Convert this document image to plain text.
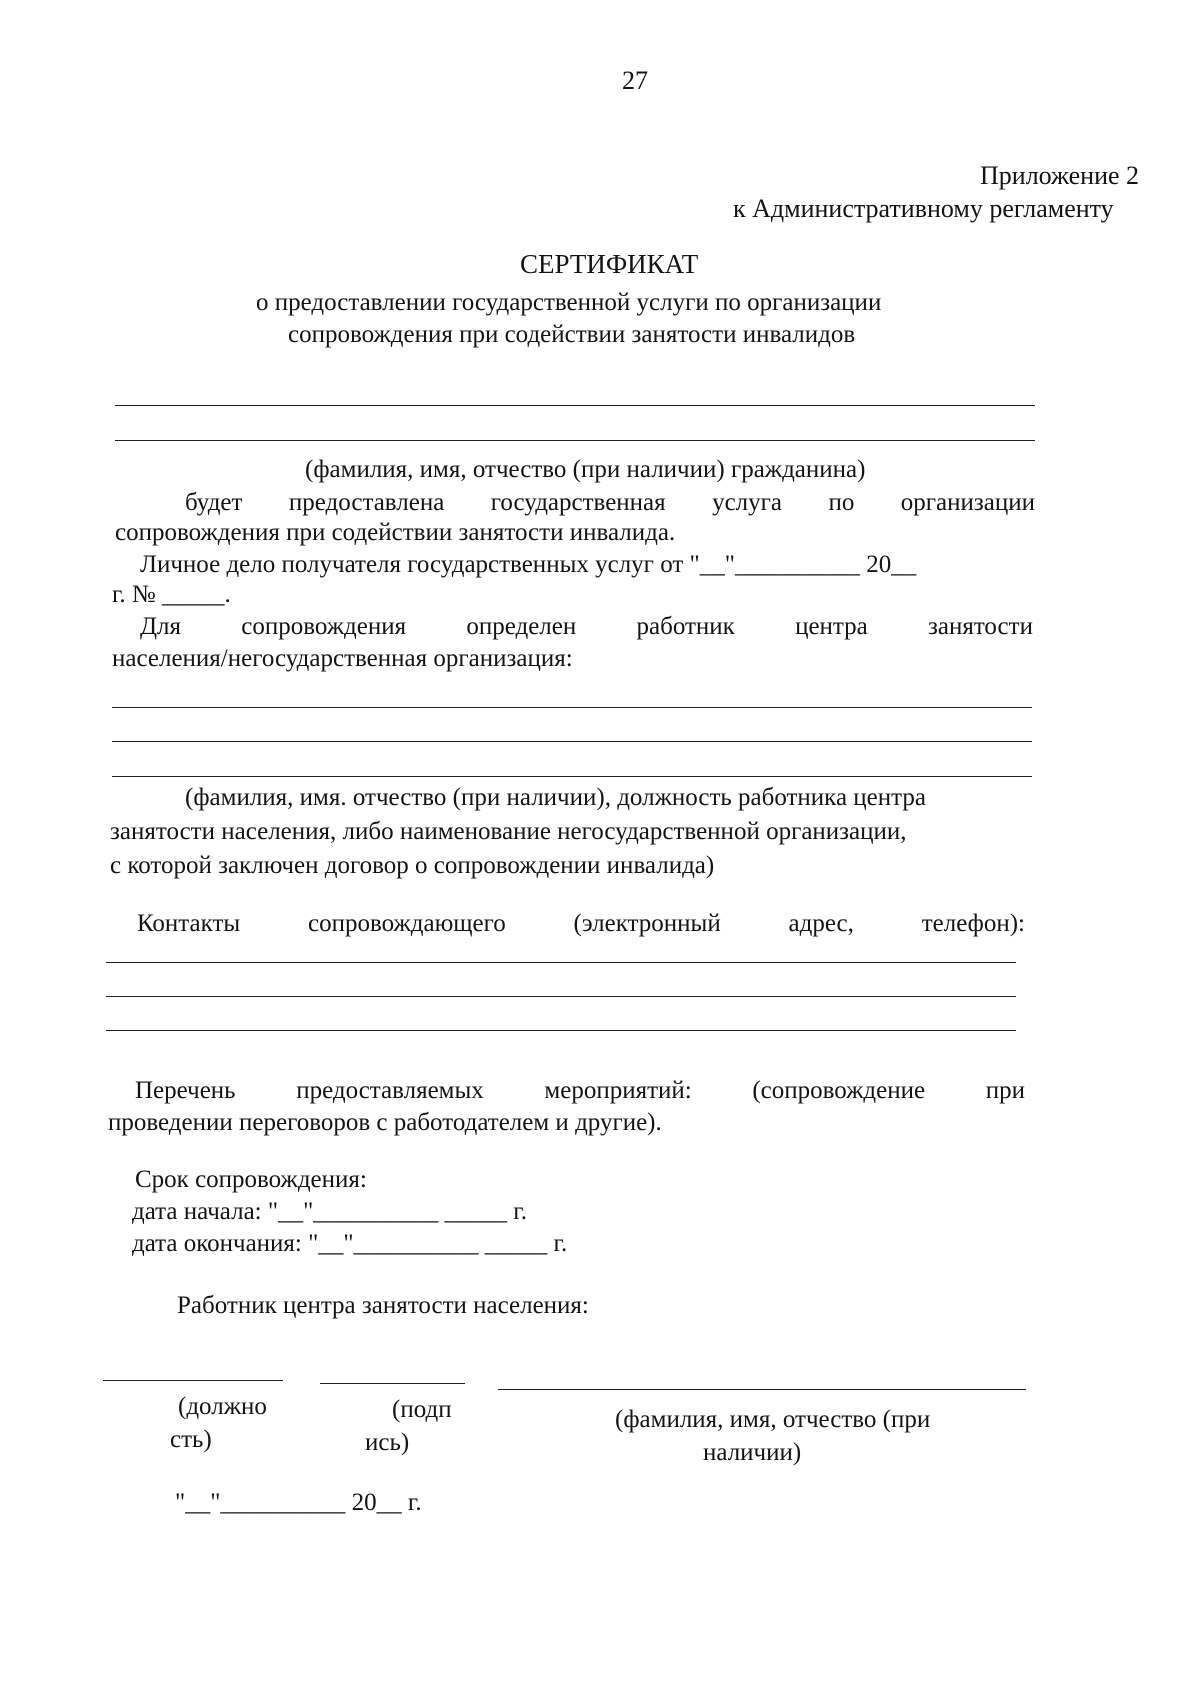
27
Приложение 2
к Административному регламенту
СЕРТИФИКАТ
о предоставлении государственной услуги по организации
сопровождения при содействии занятости инвалидов
(фамилия, имя, отчество (при наличии) гражданина)
будет предоставлена государственная услуга по организации
сопровождения при содействии занятости инвалида.
Личное дело получателя государственных услуг от "__"__________ 20__
г. № _____.
Для сопровождения определен работник центра занятости
населения/негосударственная организация:
(фамилия, имя. отчество (при наличии), должность работника центра
занятости населения, либо наименование негосударственной организации,
с которой заключен договор о сопровождении инвалида)
Контакты	сопровождающего	(электронный	адрес,	телефон):
Перечень предоставляемых мероприятий: (сопровождение при
проведении переговоров с работодателем и другие).
Срок сопровождения:
дата начала: "__"__________ _____ г.
дата окончания: "__"__________ _____ г.
Работник центра занятости населения:
(должно
сть)
(подп
ись)
(фамилия, имя, отчество (при
наличии)
"__"__________ 20__ г.
